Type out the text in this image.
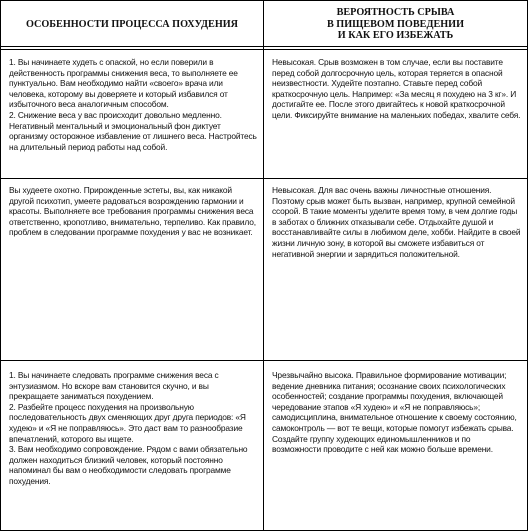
ОСОБЕННОСТИ ПРОЦЕССА ПОХУДЕНИЯ
ВЕРОЯТНОСТЬ СРЫВА
В ПИЩЕВОМ ПОВЕДЕНИИ
И КАК ЕГО ИЗБЕЖАТЬ

1. Вы начинаете худеть с опаской, но если поверили в действенность программы снижения веса, то выполняете ее пунктуально. Вам необходимо найти «своего» врача или человека, которому вы доверяете и который избавился от избыточного веса аналогичным способом.

2. Снижение веса у вас происходит довольно медленно. Негативный ментальный и эмоциональный фон диктует организму осторожное избавление от лишнего веса. Настройтесь на длительный период работы над собой.

Невысокая. Срыв возможен в том случае, если вы поставите перед собой долгосрочную цель, которая теряется в опасной неизвестности. Худейте поэтапно. Ставьте перед собой краткосрочную цель. Например: «За месяц я похудею на 3 кг». И достигайте ее. После этого двигайтесь к новой краткосрочной цели. Фиксируйте внимание на маленьких победах, хвалите себя.

Вы худеете охотно. Прирожденные эстеты, вы, как никакой другой психотип, умеете радоваться возрождению гармонии и красоты. Выполняете все требования программы снижения веса ответственно, кропотливо, внимательно, терпеливо. Как правило, проблем в следовании программе похудения у вас не возникает.

Невысокая. Для вас очень важны личностные отношения. Поэтому срыв может быть вызван, например, крупной семейной ссорой. В такие моменты уделите время тому, в чем долгие годы в заботах о ближних отказывали себе. Отдыхайте душой и восстанавливайте силы в любимом деле, хобби. Найдите в своей жизни личную зону, в которой вы сможете избавиться от негативной энергии и зарядиться положительной.

1. Вы начинаете следовать программе снижения веса с энтузиазмом. Но вскоре вам становится скучно, и вы прекращаете заниматься похудением.

2. Разбейте процесс похудения на произвольную последовательность двух сменяющих друг друга периодов: «Я худею» и «Я не поправляюсь». Это даст вам то разнообразие впечатлений, которого вы ищете.

3. Вам необходимо сопровождение. Рядом с вами обязательно должен находиться близкий человек, который постоянно напоминал бы вам о необходимости следовать программе похудения.

Чрезвычайно высока. Правильное формирование мотивации; ведение дневника питания; осознание своих психологических особенностей; создание программы похудения, включающей чередование этапов «Я худею» и «Я не поправляюсь»; самодисциплина, внимательное отношение к своему состоянию, самоконтроль — вот те вещи, которые помогут избежать срыва. Создайте группу худеющих единомышленников и по возможности проводите с ней как можно больше времени.
